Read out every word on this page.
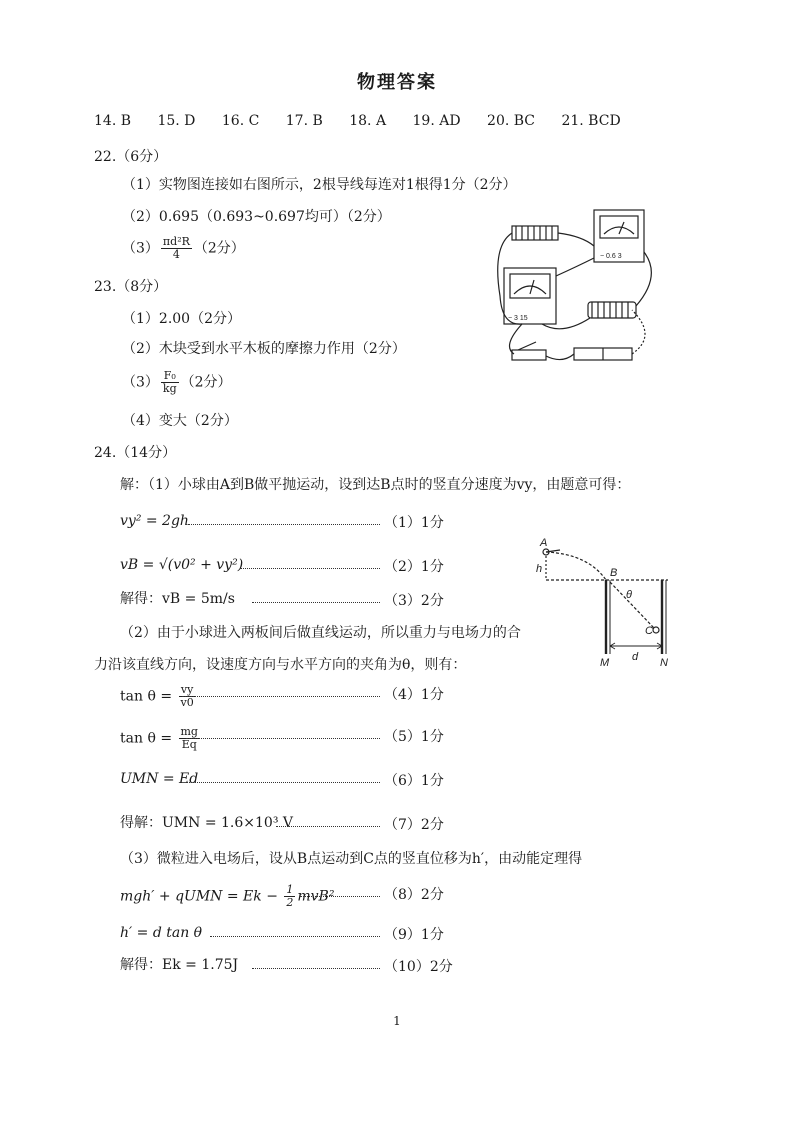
物理答案
14. B 15. D 16. C 17. B 18. A 19. AD 20. BC 21. BCD
22.（6分）
（1）实物图连接如右图所示，2根导线每连对1根得1分（2分）
（2）0.695（0.693~0.697均可）（2分）
$(3) \frac{\text{πd²R}}{4} (2$分）
23.（8分）
（1）2.00（2分）
（2）木块受到水平木板的摩擦力作用（2分）
$(3) \frac{\text{F₀}}{kg} (2$分）
（4）变大（2分）
24.（14分）
解：（1）小球由A到B做平抛运动，设到达B点时的竖直分速度为vy，由题意可得：
vy² = 2gh	（1）1分
vB = √(v0² + vy²)	（2）1分
解得：vB = 5m/s	（3）2分
（2）由于小球进入两板间后做直线运动，所以重力与电场力的合
力沿该直线方向，设速度方向与水平方向的夹角为θ，则有：
$\tan \theta = \frac{vy}{v0}$	（4）1分
$\tan \theta = \frac{mg}{Eq}$	（5）1分
UMN = Ed	（6）1分
得解：UMN = 1.6×10³ V	（7）2分
（3）微粒进入电场后，设从B点运动到C点的竖直位移为h′，由动能定理得
mgh′ + qUMN = $Ek - \frac{1}{2} mvB^2$	（8）2分
h′ = d tan θ	（9）1分
解得：Ek = 1.75J	（10）2分
− 0.6 3
− 3 15
A
h	B
θ
C
M d N
1
